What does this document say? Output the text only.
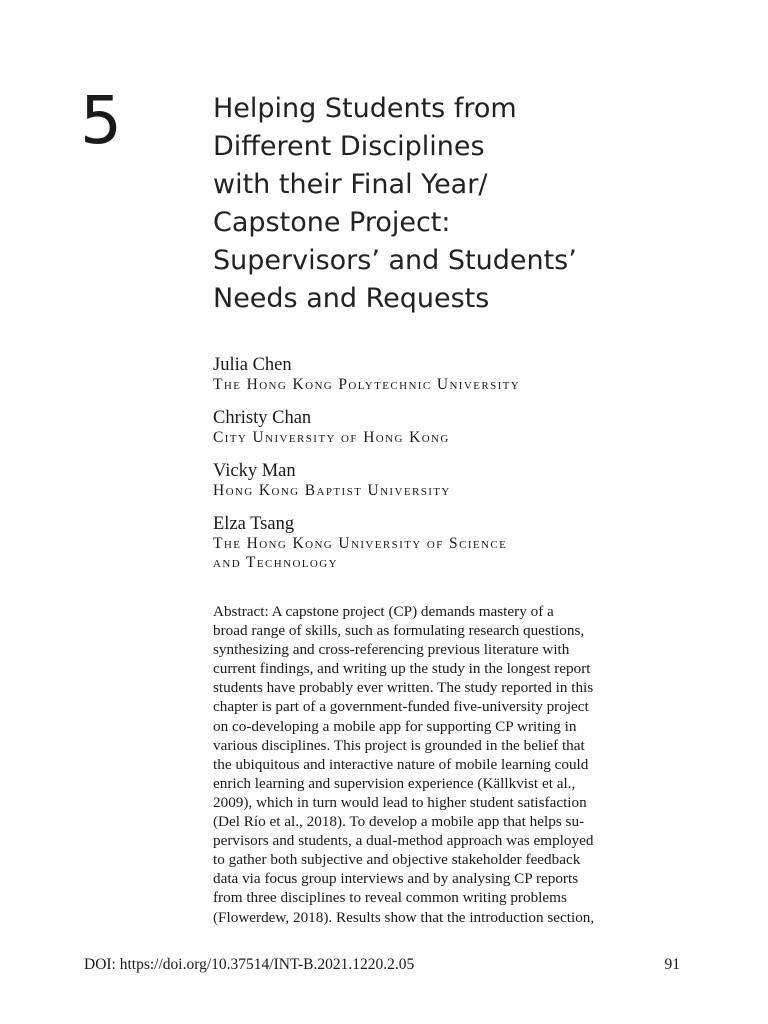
5	Helping Students from
Different Disciplines
with their Final Year/
Capstone Project:
Supervisors’ and Students’
Needs and Requests
Julia Chen
The Hong Kong Polytechnic University
Christy Chan
City University of Hong Kong
Vicky Man
Hong Kong Baptist University
Elza Tsang
The Hong Kong University of Science
and Technology
Abstract: A capstone project (CP) demands mastery of a
broad range of skills, such as formulating research questions,
synthesizing and cross-referencing previous literature with
current findings, and writing up the study in the longest report
students have probably ever written. The study reported in this
chapter is part of a government-funded five-university project
on co-developing a mobile app for supporting CP writing in
various disciplines. This project is grounded in the belief that
the ubiquitous and interactive nature of mobile learning could
enrich learning and supervision experience (Källkvist et al.,
2009), which in turn would lead to higher student satisfaction
(Del Río et al., 2018). To develop a mobile app that helps su-
pervisors and students, a dual-method approach was employed
to gather both subjective and objective stakeholder feedback
data via focus group interviews and by analysing CP reports
from three disciplines to reveal common writing problems
(Flowerdew, 2018). Results show that the introduction section,
DOI: https://doi.org/10.37514/INT-B.2021.1220.2.05	91
